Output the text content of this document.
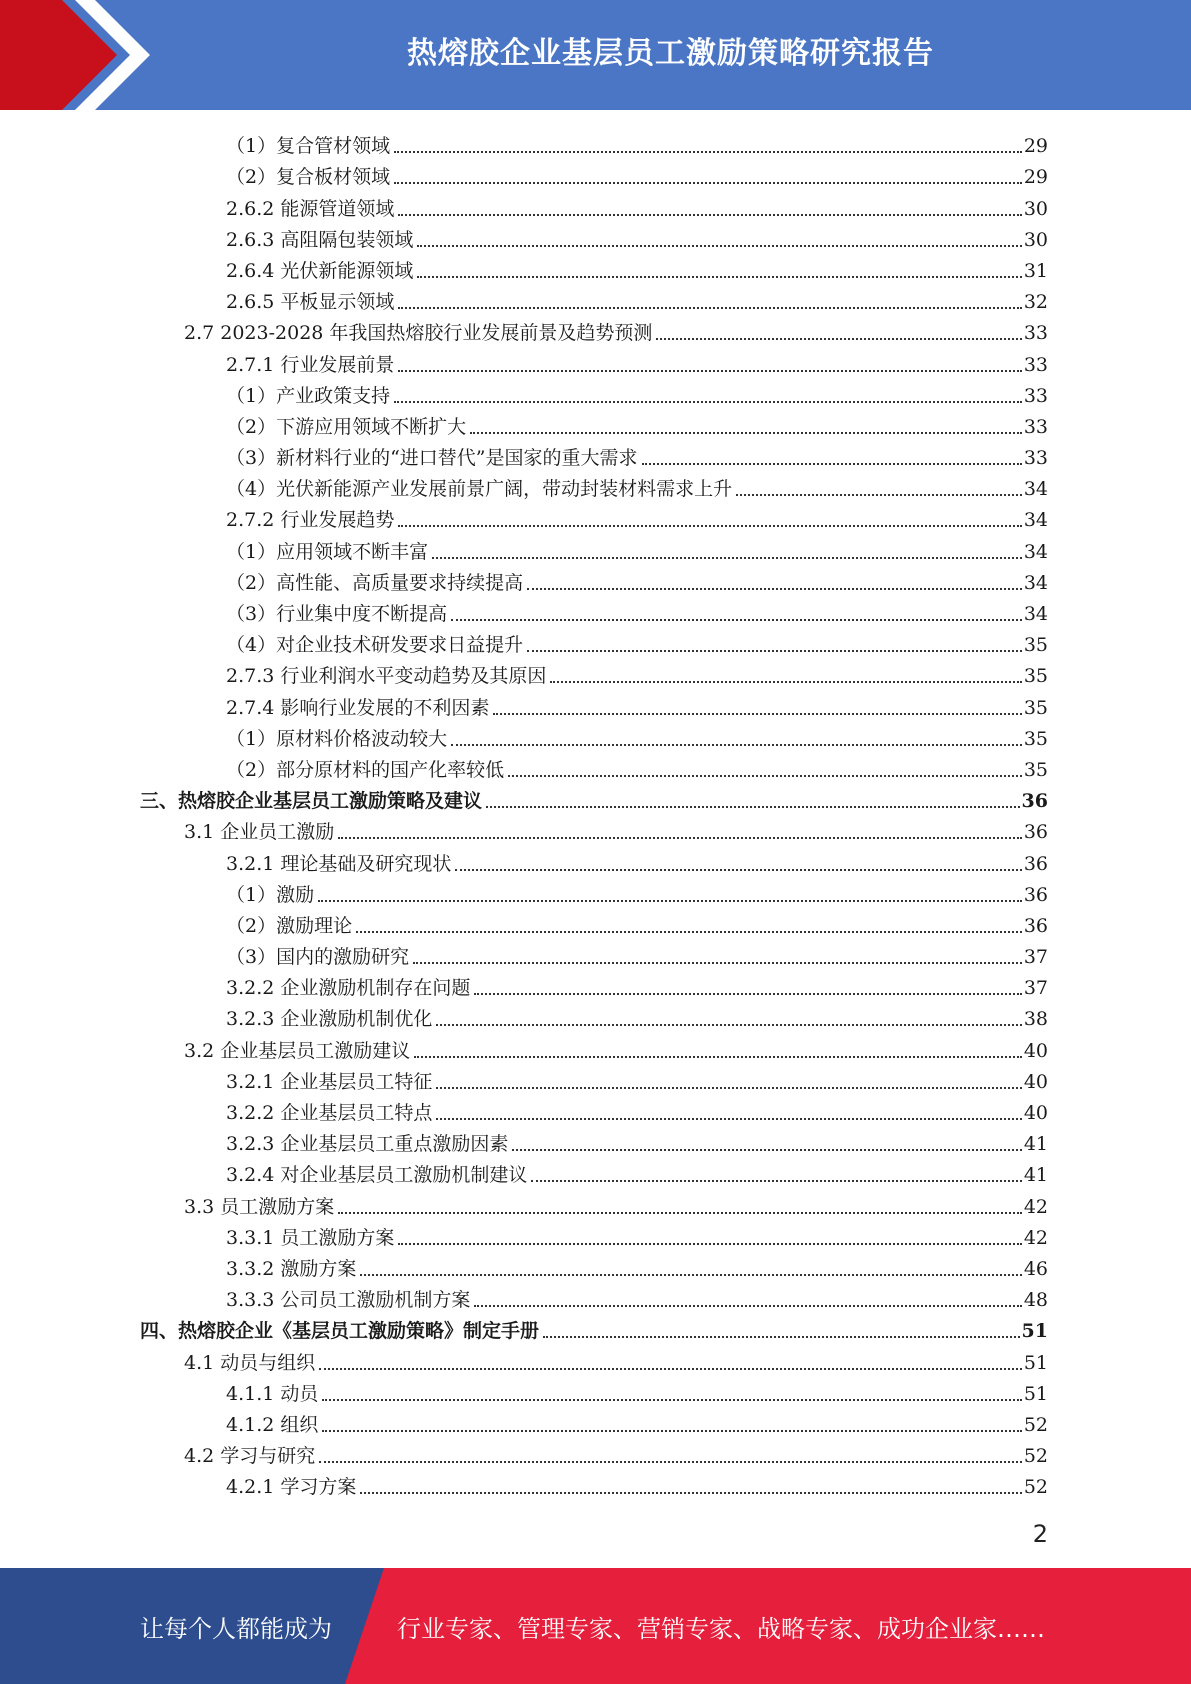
热熔胶企业基层员工激励策略研究报告
（1）复合管材领域	29
（2）复合板材领域	29
2.6.2 能源管道领域	30
2.6.3 高阻隔包装领域	30
2.6.4 光伏新能源领域	31
2.6.5 平板显示领域	32
2.7 2023-2028 年我国热熔胶行业发展前景及趋势预测	33
2.7.1 行业发展前景	33
（1）产业政策支持	33
（2）下游应用领域不断扩大	33
（3）新材料行业的“进口替代”是国家的重大需求	33
（4）光伏新能源产业发展前景广阔，带动封装材料需求上升	34
2.7.2 行业发展趋势	34
（1）应用领域不断丰富	34
（2）高性能、高质量要求持续提高	34
（3）行业集中度不断提高	34
（4）对企业技术研发要求日益提升	35
2.7.3 行业利润水平变动趋势及其原因	35
2.7.4 影响行业发展的不利因素	35
（1）原材料价格波动较大	35
（2）部分原材料的国产化率较低	35
三、热熔胶企业基层员工激励策略及建议	36
3.1 企业员工激励	36
3.2.1 理论基础及研究现状	36
（1）激励	36
（2）激励理论	36
（3）国内的激励研究	37
3.2.2 企业激励机制存在问题	37
3.2.3 企业激励机制优化	38
3.2 企业基层员工激励建议	40
3.2.1 企业基层员工特征	40
3.2.2 企业基层员工特点	40
3.2.3 企业基层员工重点激励因素	41
3.2.4 对企业基层员工激励机制建议	41
3.3 员工激励方案	42
3.3.1 员工激励方案	42
3.3.2 激励方案	46
3.3.3 公司员工激励机制方案	48
四、热熔胶企业《基层员工激励策略》制定手册	51
4.1 动员与组织	51
4.1.1 动员	51
4.1.2 组织	52
4.2 学习与研究	52
4.2.1 学习方案	52
2
让每个人都能成为	行业专家、管理专家、营销专家、战略专家、成功企业家……
